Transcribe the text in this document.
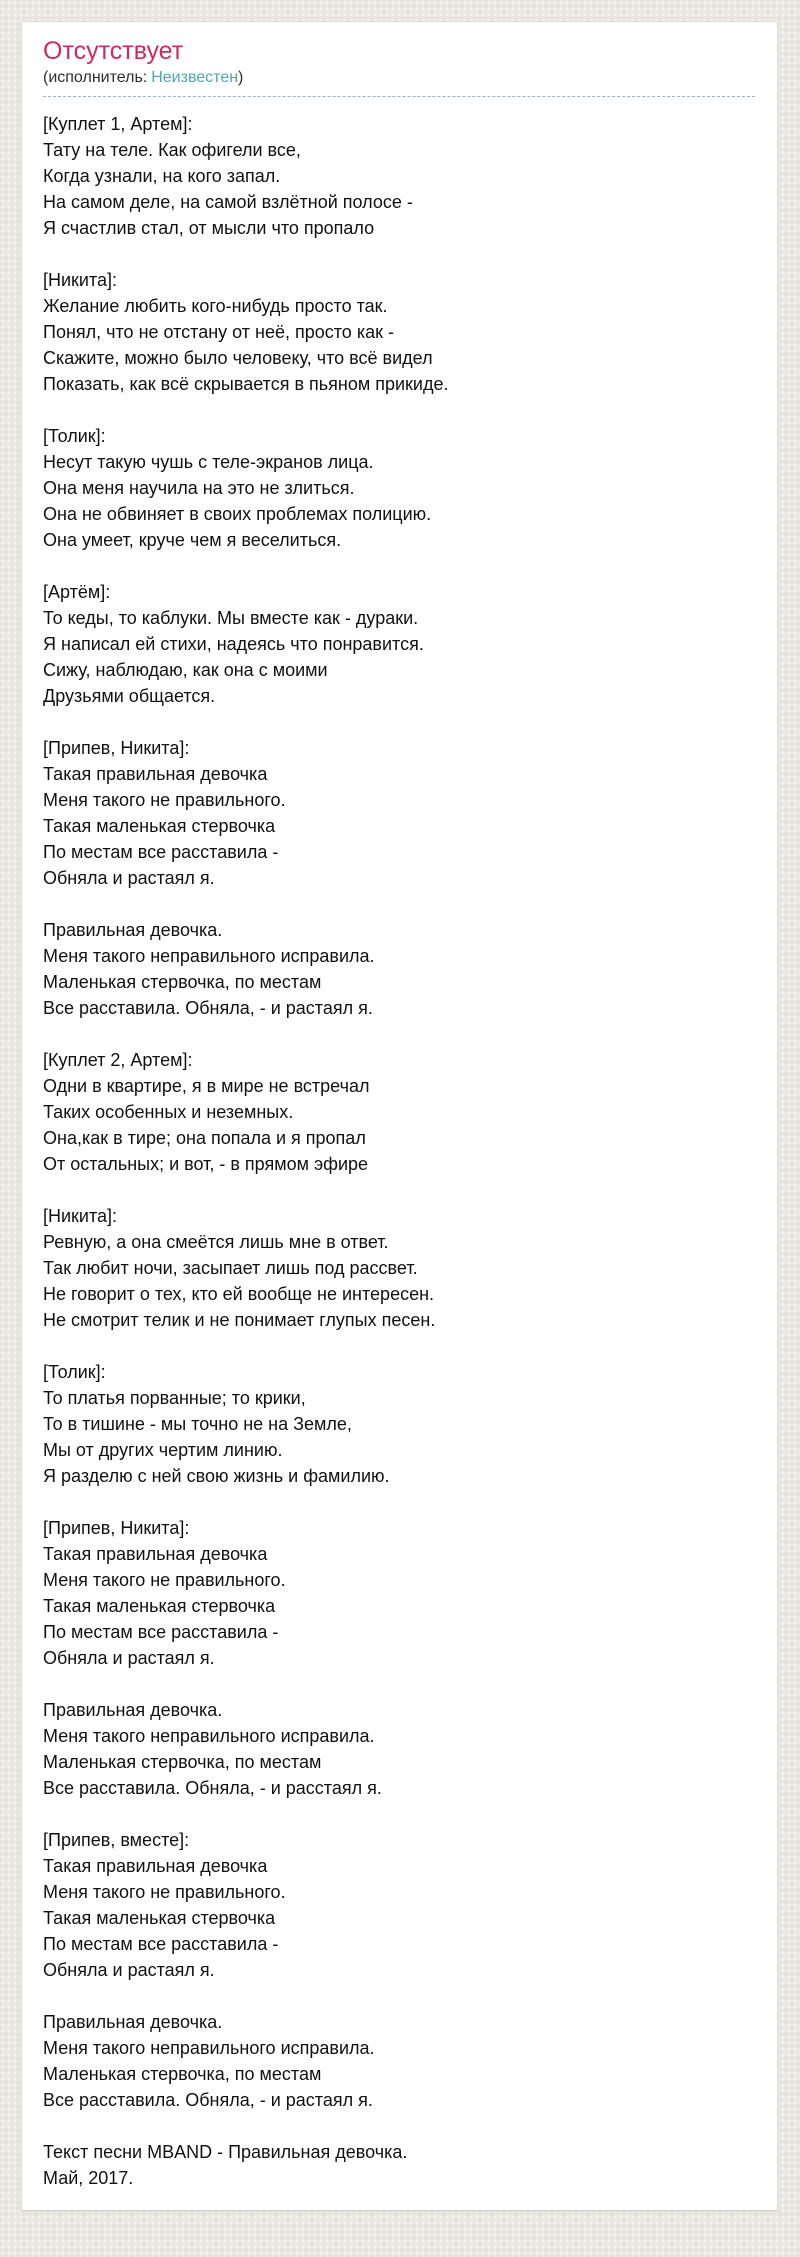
Отсутствует
(исполнитель: Неизвестен)
[Куплет 1, Артем]:
Тату на теле. Как офигели все,
Когда узнали, на кого запал.
На самом деле, на самой взлётной полосе -
Я счастлив стал, от мысли что пропало
[Никита]:
Желание любить кого-нибудь просто так.
Понял, что не отстану от неё, просто как -
Скажите, можно было человеку, что всё видел
Показать, как всё скрывается в пьяном прикиде.
[Толик]:
Несут такую чушь с теле-экранов лица.
Она меня научила на это не злиться.
Она не обвиняет в своих проблемах полицию.
Она умеет, круче чем я веселиться.
[Артём]:
То кеды, то каблуки. Мы вместе как - дураки.
Я написал ей стихи, надеясь что понравится.
Сижу, наблюдаю, как она с моими
Друзьями общается.
[Припев, Никита]:
Такая правильная девочка
Меня такого не правильного.
Такая маленькая стервочка
По местам все расставила -
Обняла и растаял я.
Правильная девочка.
Меня такого неправильного исправила.
Маленькая стервочка, по местам
Все расставила. Обняла, - и растаял я.
[Куплет 2, Артем]:
Одни в квартире, я в мире не встречал
Таких особенных и неземных.
Она,как в тире; она попала и я пропал
От остальных; и вот, - в прямом эфире
[Никита]:
Ревную, а она смеётся лишь мне в ответ.
Так любит ночи, засыпает лишь под рассвет.
Не говорит о тех, кто ей вообще не интересен.
Не смотрит телик и не понимает глупых песен.
[Толик]:
То платья порванные; то крики,
То в тишине - мы точно не на Земле,
Мы от других чертим линию.
Я разделю с ней свою жизнь и фамилию.
[Припев, Никита]:
Такая правильная девочка
Меня такого не правильного.
Такая маленькая стервочка
По местам все расставила -
Обняла и растаял я.
Правильная девочка.
Меня такого неправильного исправила.
Маленькая стервочка, по местам
Все расставила. Обняла, - и расстаял я.
[Припев, вместе]:
Такая правильная девочка
Меня такого не правильного.
Такая маленькая стервочка
По местам все расставила -
Обняла и растаял я.
Правильная девочка.
Меня такого неправильного исправила.
Маленькая стервочка, по местам
Все расставила. Обняла, - и растаял я.
Текст песни MBAND - Правильная девочка.
Май, 2017.
